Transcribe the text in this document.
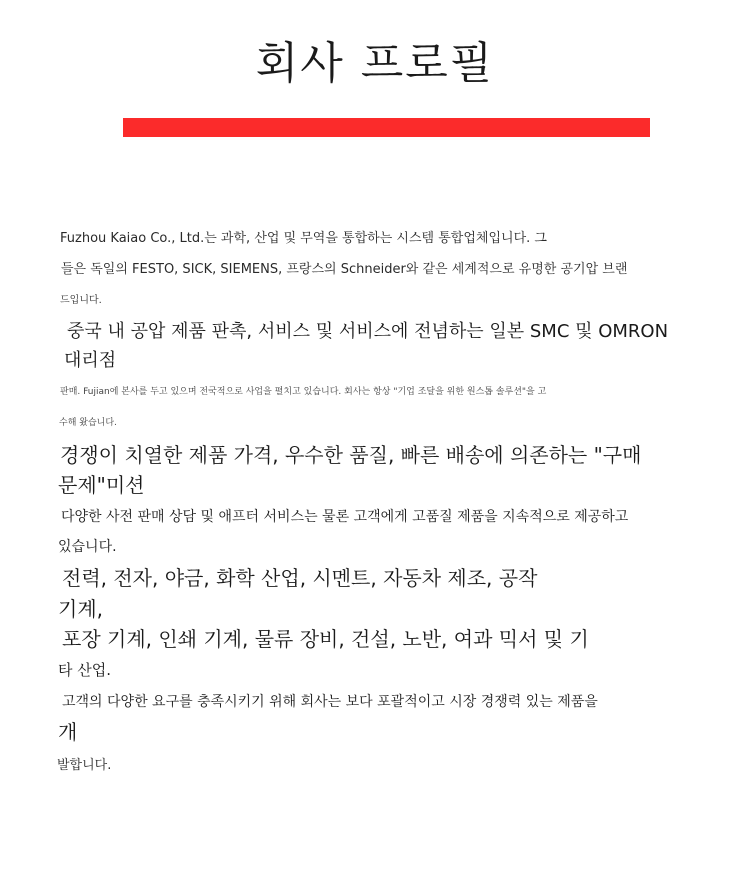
회사 프로필
Fuzhou Kaiao Co., Ltd.는 과학, 산업 및 무역을 통합하는 시스템 통합업체입니다. 그
들은 독일의 FESTO, SICK, SIEMENS, 프랑스의 Schneider와 같은 세계적으로 유명한 공기압 브랜
드입니다.
중국 내 공압 제품 판촉, 서비스 및 서비스에 전념하는 일본 SMC 및 OMRON
대리점
판매. Fujian에 본사를 두고 있으며 전국적으로 사업을 펼치고 있습니다. 회사는 항상 "기업 조달을 위한 원스톱 솔루션"을 고
수해 왔습니다.
경쟁이 치열한 제품 가격, 우수한 품질, 빠른 배송에 의존하는 "구매
문제"미션
다양한 사전 판매 상담 및 애프터 서비스는 물론 고객에게 고품질 제품을 지속적으로 제공하고
있습니다.
전력, 전자, 야금, 화학 산업, 시멘트, 자동차 제조, 공작
기계,
포장 기계, 인쇄 기계, 물류 장비, 건설, 노반, 여과 믹서 및 기
타 산업.
고객의 다양한 요구를 충족시키기 위해 회사는 보다 포괄적이고 시장 경쟁력 있는 제품을
개
발합니다.
